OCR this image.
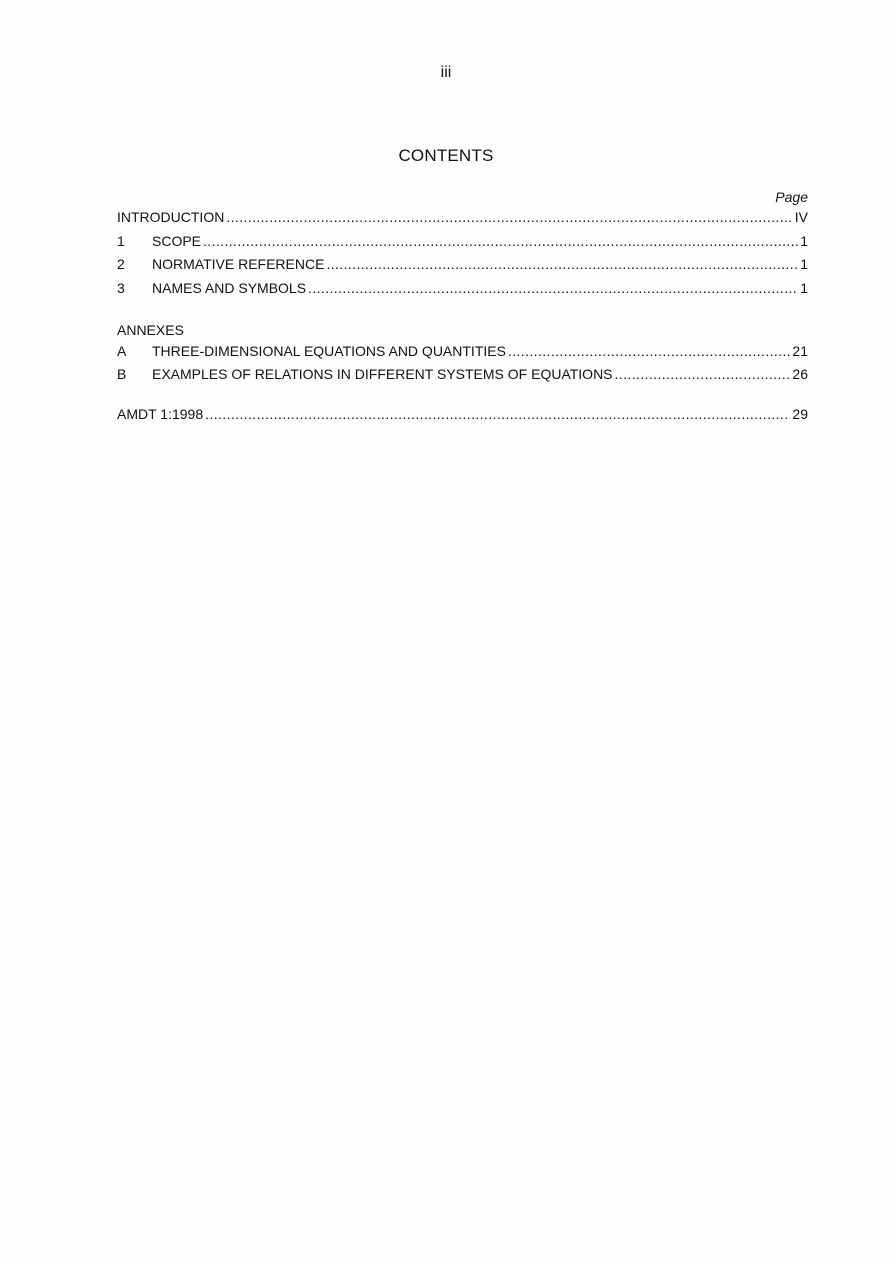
iii
CONTENTS
Page
INTRODUCTION .....	IV
1	SCOPE .....	1
2	NORMATIVE REFERENCE .....	1
3	NAMES AND SYMBOLS .....	1
ANNEXES
A	THREE-DIMENSIONAL EQUATIONS AND QUANTITIES .....	21
B	EXAMPLES OF RELATIONS IN DIFFERENT SYSTEMS OF EQUATIONS .....	26
AMDT 1:1998 .....	29
